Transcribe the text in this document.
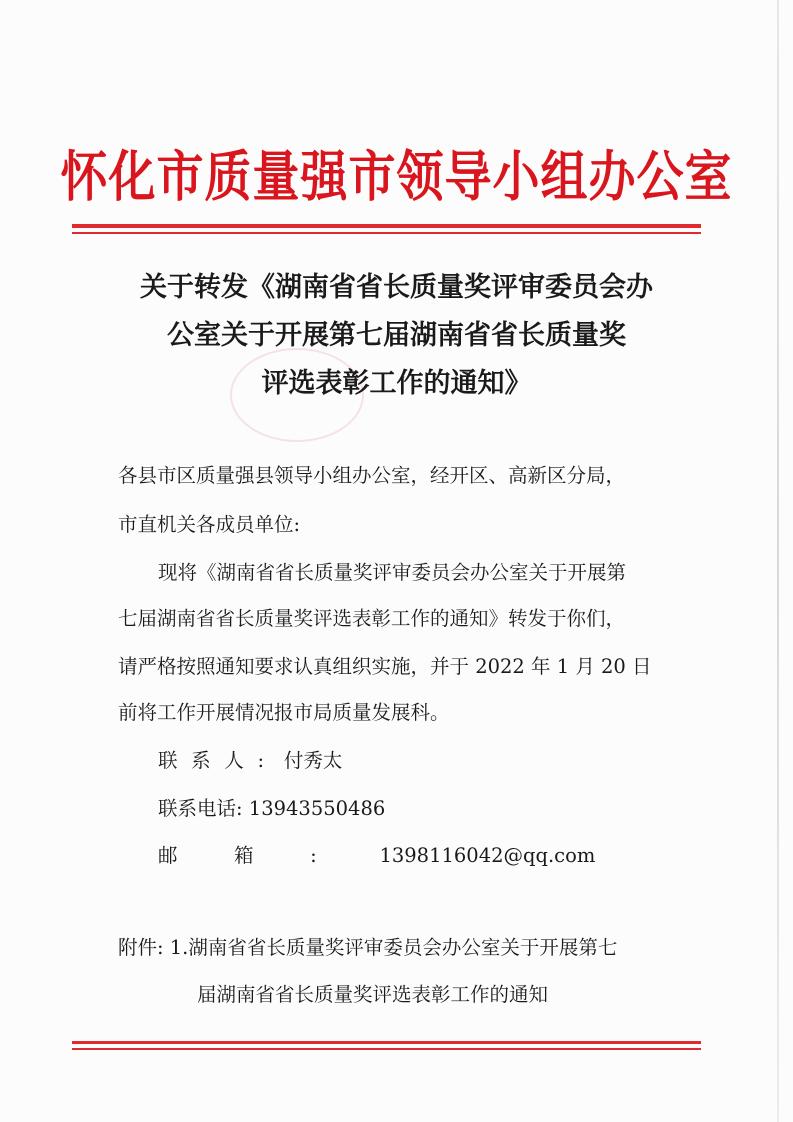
怀化市质量强市领导小组办公室
关于转发《湖南省省长质量奖评审委员会办
公室关于开展第七届湖南省省长质量奖
评选表彰工作的通知》
各县市区质量强县领导小组办公室，经开区、高新区分局，
市直机关各成员单位:
现将《湖南省省长质量奖评审委员会办公室关于开展第
七届湖南省省长质量奖评选表彰工作的通知》转发于你们，
请严格按照通知要求认真组织实施，并于 2022 年 1 月 20 日
前将工作开展情况报市局质量发展科。
联系人: 付秀太
联系电话: 13943550486
邮箱: 1398116042@qq.com
附件: 1.湖南省省长质量奖评审委员会办公室关于开展第七
届湖南省省长质量奖评选表彰工作的通知
